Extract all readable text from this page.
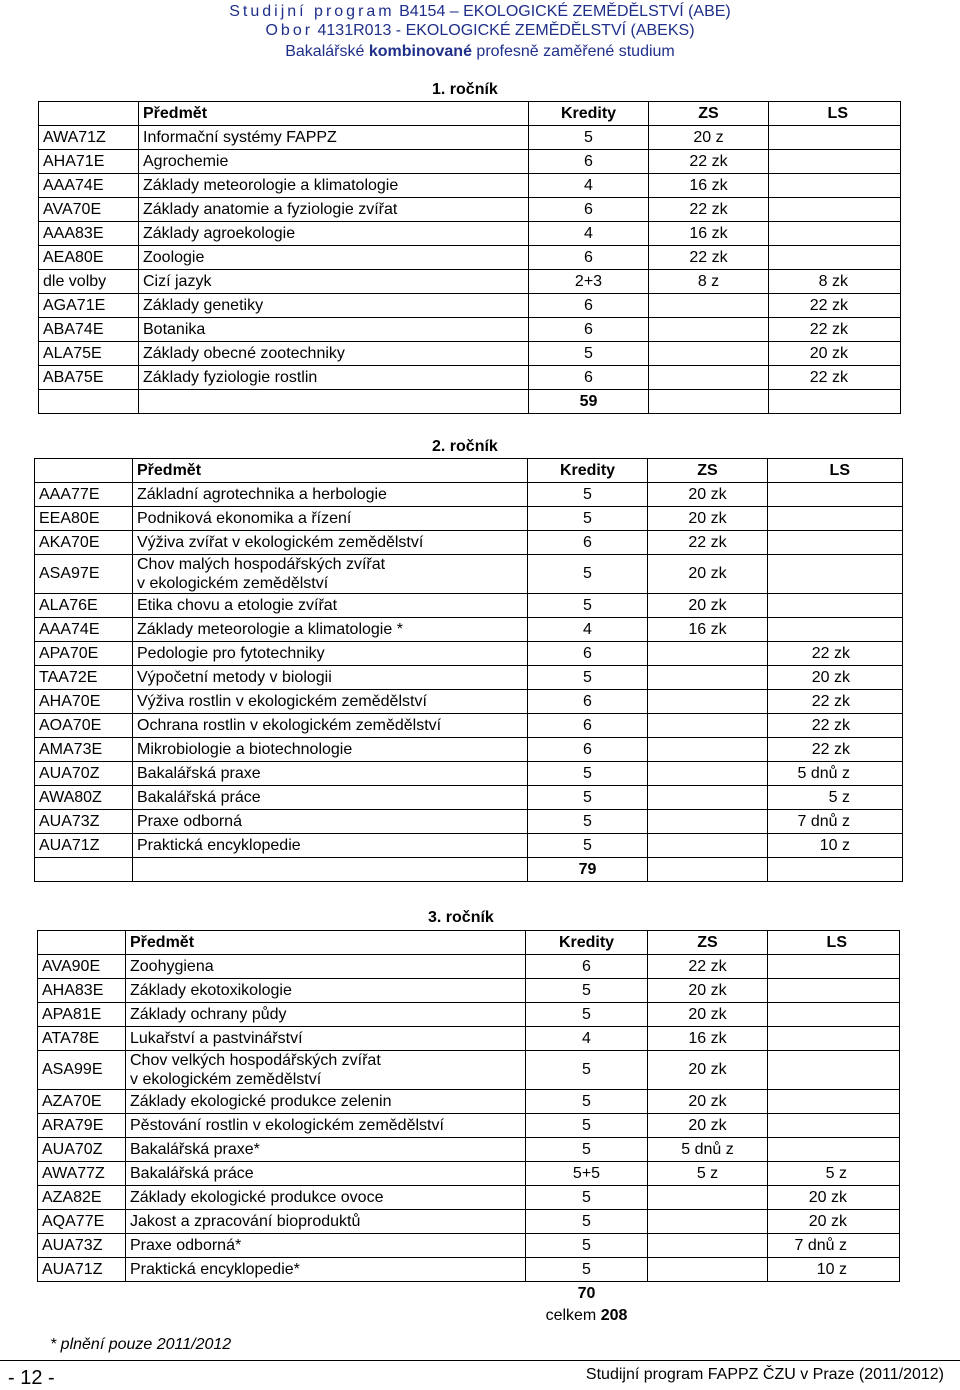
Studijní program B4154 – EKOLOGICKÉ ZEMĚDĚLSTVÍ (ABE)
Obor 4131R013 - EKOLOGICKÉ ZEMĚDĚLSTVÍ (ABEKS)
Bakalářské kombinované profesně zaměřené studium
1. ročník
	Předmět	Kredity	ZS	LS
AWA71Z	Informační systémy FAPPZ	5	20 z	
AHA71E	Agrochemie	6	22 zk	
AAA74E	Základy meteorologie a klimatologie	4	16 zk	
AVA70E	Základy anatomie a fyziologie zvířat	6	22 zk	
AAA83E	Základy agroekologie	4	16 zk	
AEA80E	Zoologie	6	22 zk	
dle volby	Cizí jazyk	2+3	8 z	8 zk
AGA71E	Základy genetiky	6		22 zk
ABA74E	Botanika	6		22 zk
ALA75E	Základy obecné zootechniky	5		20 zk
ABA75E	Základy fyziologie rostlin	6		22 zk
		59		
2. ročník
	Předmět	Kredity	ZS	LS
AAA77E	Základní agrotechnika a herbologie	5	20 zk	
EEA80E	Podniková ekonomika a řízení	5	20 zk	
AKA70E	Výživa zvířat v ekologickém zemědělství	6	22 zk	
ASA97E	Chov malých hospodářských zvířat
v ekologickém zemědělství	5	20 zk	
ALA76E	Etika chovu a etologie zvířat	5	20 zk	
AAA74E	Základy meteorologie a klimatologie *	4	16 zk	
APA70E	Pedologie pro fytotechniky	6		22 zk
TAA72E	Výpočetní metody v biologii	5		20 zk
AHA70E	Výživa rostlin v ekologickém zemědělství	6		22 zk
AOA70E	Ochrana rostlin v ekologickém zemědělství	6		22 zk
AMA73E	Mikrobiologie a biotechnologie	6		22 zk
AUA70Z	Bakalářská praxe	5		5 dnů z
AWA80Z	Bakalářská práce	5		5 z
AUA73Z	Praxe odborná	5		7 dnů z
AUA71Z	Praktická encyklopedie	5		10 z
		79		
3. ročník
	Předmět	Kredity	ZS	LS
AVA90E	Zoohygiena	6	22 zk	
AHA83E	Základy ekotoxikologie	5	20 zk	
APA81E	Základy ochrany půdy	5	20 zk	
ATA78E	Lukařství a pastvinářství	4	16 zk	
ASA99E	Chov velkých hospodářských zvířat
v ekologickém zemědělství	5	20 zk	
AZA70E	Základy ekologické produkce zelenin	5	20 zk	
ARA79E	Pěstování rostlin v ekologickém zemědělství	5	20 zk	
AUA70Z	Bakalářská praxe*	5	5 dnů z	
AWA77Z	Bakalářská práce	5+5	5 z	5 z
AZA82E	Základy ekologické produkce ovoce	5		20 zk
AQA77E	Jakost a zpracování bioproduktů	5		20 zk
AUA73Z	Praxe odborná*	5		7 dnů z
AUA71Z	Praktická encyklopedie*	5		10 z

		70
celkem 208		

* plnění pouze 2011/2012
- 12 -	Studijní program FAPPZ ČZU v Praze (2011/2012)
